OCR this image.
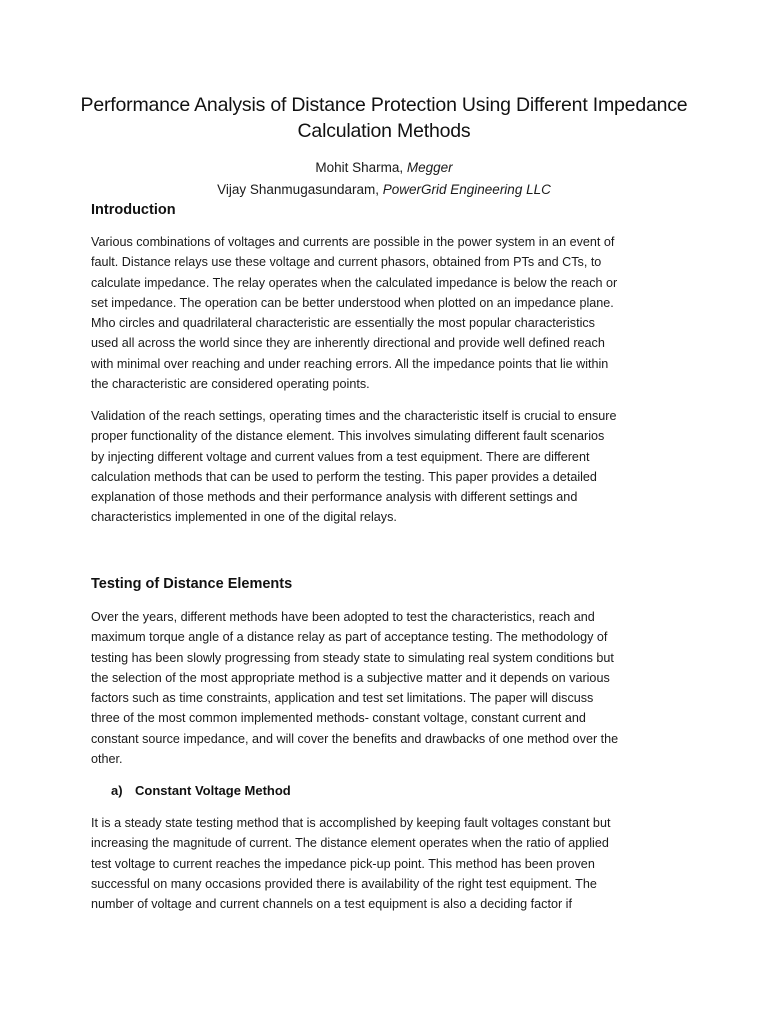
Performance Analysis of Distance Protection Using Different Impedance
Calculation Methods
Mohit Sharma, Megger
Vijay Shanmugasundaram, PowerGrid Engineering LLC
Introduction

Various combinations of voltages and currents are possible in the power system in an event of
fault. Distance relays use these voltage and current phasors, obtained from PTs and CTs, to
calculate impedance. The relay operates when the calculated impedance is below the reach or
set impedance. The operation can be better understood when plotted on an impedance plane.
Mho circles and quadrilateral characteristic are essentially the most popular characteristics
used all across the world since they are inherently directional and provide well defined reach
with minimal over reaching and under reaching errors. All the impedance points that lie within
the characteristic are considered operating points.

Validation of the reach settings, operating times and the characteristic itself is crucial to ensure
proper functionality of the distance element. This involves simulating different fault scenarios
by injecting different voltage and current values from a test equipment. There are different
calculation methods that can be used to perform the testing. This paper provides a detailed
explanation of those methods and their performance analysis with different settings and
characteristics implemented in one of the digital relays.

Testing of Distance Elements

Over the years, different methods have been adopted to test the characteristics, reach and
maximum torque angle of a distance relay as part of acceptance testing. The methodology of
testing has been slowly progressing from steady state to simulating real system conditions but
the selection of the most appropriate method is a subjective matter and it depends on various
factors such as time constraints, application and test set limitations. The paper will discuss
three of the most common implemented methods- constant voltage, constant current and
constant source impedance, and will cover the benefits and drawbacks of one method over the
other.

a) Constant Voltage Method

It is a steady state testing method that is accomplished by keeping fault voltages constant but
increasing the magnitude of current. The distance element operates when the ratio of applied
test voltage to current reaches the impedance pick-up point. This method has been proven
successful on many occasions provided there is availability of the right test equipment. The
number of voltage and current channels on a test equipment is also a deciding factor if
